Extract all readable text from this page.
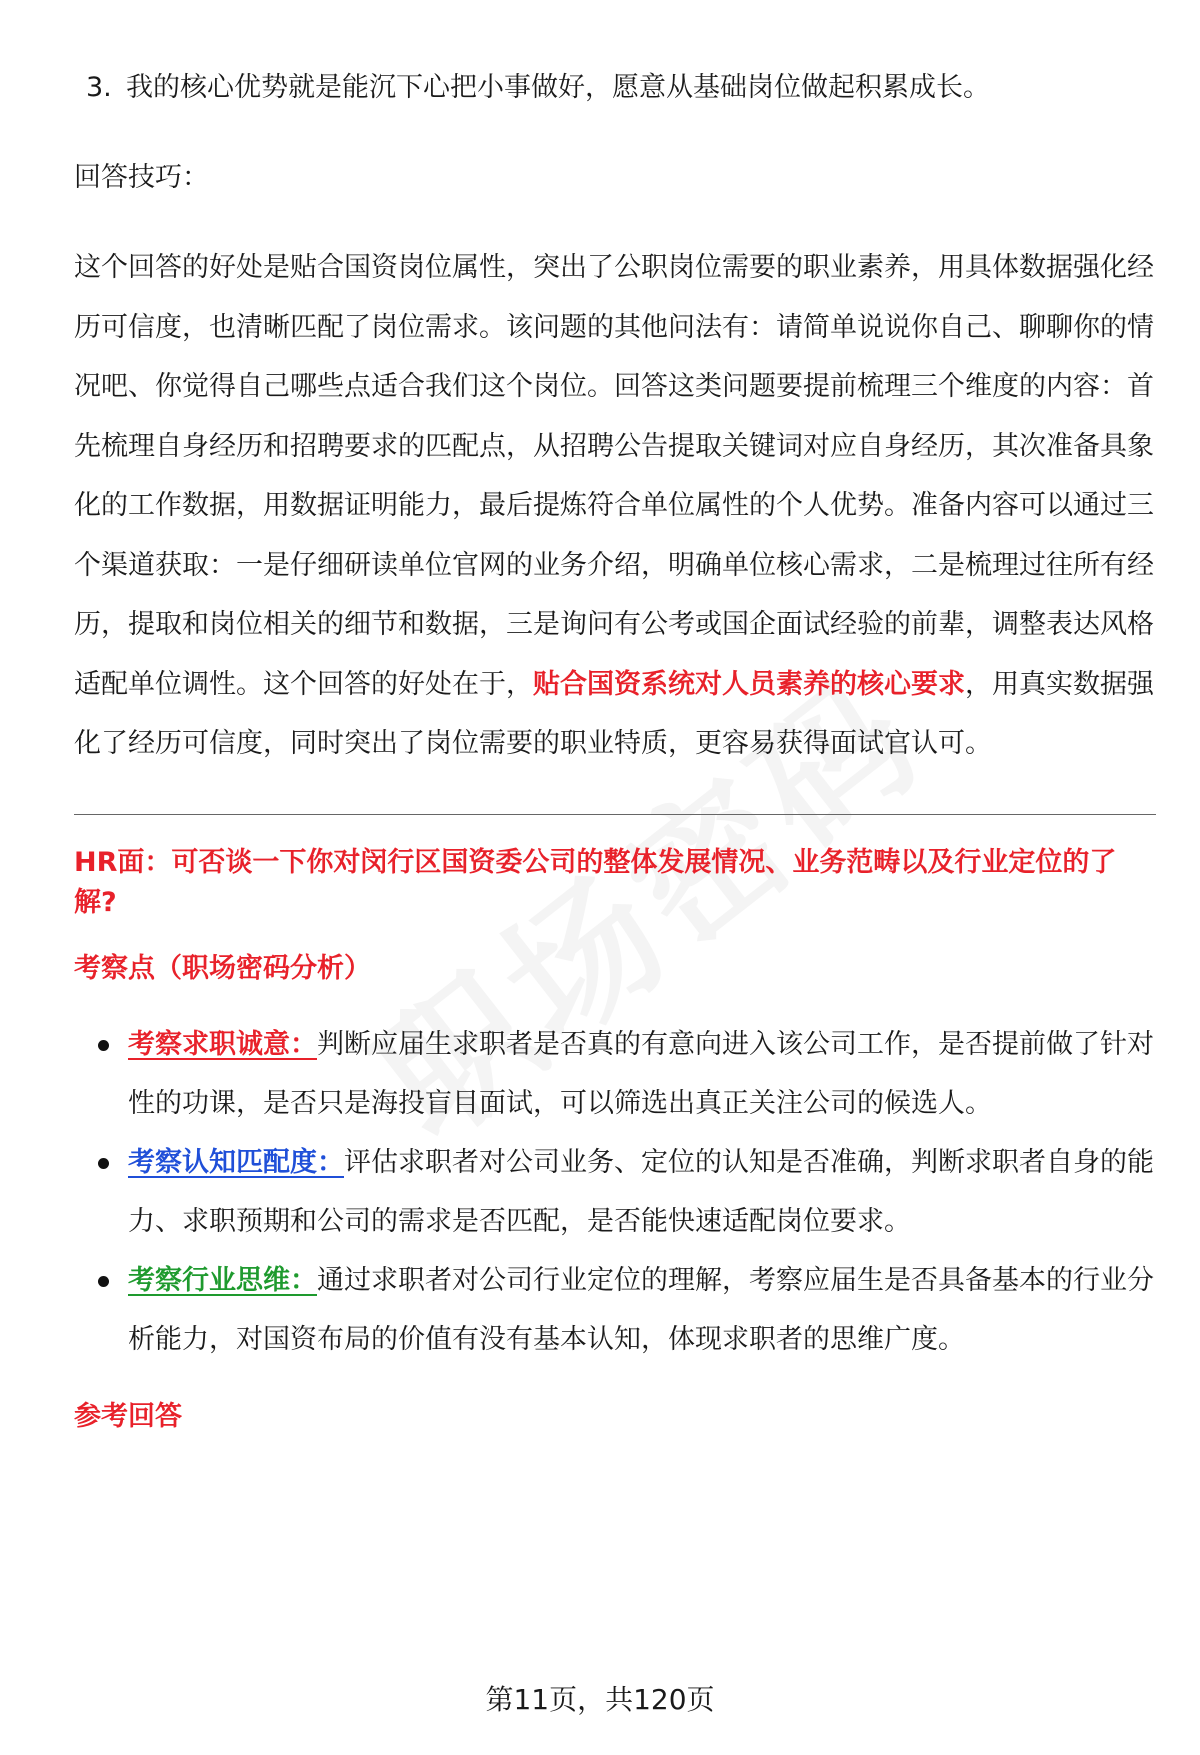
3. 我的核心优势就是能沉下心把小事做好，愿意从基础岗位做起积累成长。
回答技巧：
这个回答的好处是贴合国资岗位属性，突出了公职岗位需要的职业素养，用具体数据强化经历可信度，也清晰匹配了岗位需求。该问题的其他问法有：请简单说说你自己、聊聊你的情况吧、你觉得自己哪些点适合我们这个岗位。回答这类问题要提前梳理三个维度的内容：首先梳理自身经历和招聘要求的匹配点，从招聘公告提取关键词对应自身经历，其次准备具象化的工作数据，用数据证明能力，最后提炼符合单位属性的个人优势。准备内容可以通过三个渠道获取：一是仔细研读单位官网的业务介绍，明确单位核心需求，二是梳理过往所有经历，提取和岗位相关的细节和数据，三是询问有公考或国企面试经验的前辈，调整表达风格适配单位调性。这个回答的好处在于，贴合国资系统对人员素养的核心要求，用真实数据强化了经历可信度，同时突出了岗位需要的职业特质，更容易获得面试官认可。
HR面：可否谈一下你对闵行区国资委公司的整体发展情况、业务范畴以及行业定位的了解?
考察点（职场密码分析）
考察求职诚意：判断应届生求职者是否真的有意向进入该公司工作，是否提前做了针对性的功课，是否只是海投盲目面试，可以筛选出真正关注公司的候选人。
考察认知匹配度：评估求职者对公司业务、定位的认知是否准确，判断求职者自身的能力、求职预期和公司的需求是否匹配，是否能快速适配岗位要求。
考察行业思维：通过求职者对公司行业定位的理解，考察应届生是否具备基本的行业分析能力，对国资布局的价值有没有基本认知，体现求职者的思维广度。
参考回答
第11页，共120页
